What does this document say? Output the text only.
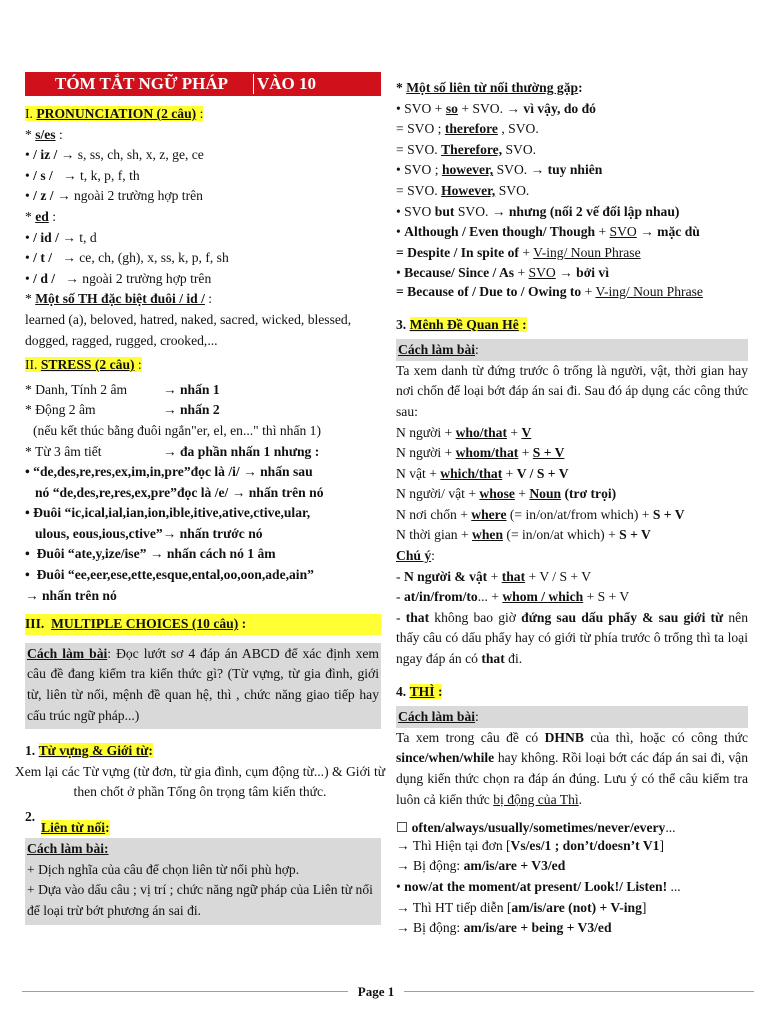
TÓM TẮT NGỮ PHÁP VÀO 10
I. PRONUNCIATION (2 câu) :
* s/es :
• / iz / → s, ss, ch, sh, x, z, ge, ce
• / s / → t, k, p, f, th
• / z / → ngoài 2 trường hợp trên
* ed :
• / id / → t, d
• / t / → ce, ch, (gh), x, ss, k, p, f, sh
• / d / → ngoài 2 trường hợp trên
* Một số TH đặc biệt đuôi / id / :
learned (a), beloved, hatred, naked, sacred, wicked, blessed, dogged, ragged, rugged, crooked,...
II. STRESS (2 câu) :
* Danh, Tính 2 âm	→ nhấn 1
* Động 2 âm	→ nhấn 2
(nếu kết thúc bằng đuôi ngắn"er, el, en..." thì nhấn 1)
* Từ 3 âm tiết	→ đa phần nhấn 1 nhưng :
• “de,des,re,res,ex,im,in,pre”đọc là /i/ → nhấn sau
nó “de,des,re,res,ex,pre”đọc là /e/ → nhấn trên nó
• Đuôi “ic,ical,ial,ian,ion,ible,itive,ative,ctive,ular,
ulous, eous,ious,ctive”→ nhấn trước nó
•  Đuôi “ate,y,ize/ise” → nhấn cách nó 1 âm
•  Đuôi “ee,eer,ese,ette,esque,ental,oo,oon,ade,ain”
→ nhấn trên nó
III. MULTIPLE CHOICES (10 câu) :
Cách làm bài: Đọc lướt sơ 4 đáp án ABCD để xác định xem câu đề đang kiểm tra kiến thức gì? (Từ vựng, từ gia đình, giới từ, liên từ nối, mệnh đề quan hệ, thì , chức năng giao tiếp hay cấu trúc ngữ pháp...)
1. Từ vựng & Giới từ:
Xem lại các Từ vựng (từ đơn, từ gia đình, cụm động từ...) & Giới từ then chốt ở phần Tổng ôn trọng tâm kiến thức.
2.
Liên từ nối:
Cách làm bài:
+ Dịch nghĩa của câu để chọn liên từ nối phù hợp.
+ Dựa vào dấu câu ; vị trí ; chức năng ngữ pháp của Liên từ nối để loại trừ bớt phương án sai đi.
* Một số liên từ nối thường gặp:
• SVO + so + SVO. → vì vậy, do đó
= SVO ; therefore , SVO.
= SVO. Therefore, SVO.
• SVO ; however, SVO. → tuy nhiên
= SVO. However, SVO.
• SVO but SVO. → nhưng (nối 2 vế đối lập nhau)
• Although / Even though/ Though + SVO → mặc dù
= Despite / In spite of + V-ing/ Noun Phrase
• Because/ Since / As + SVO → bởi vì
= Because of / Due to / Owing to + V-ing/ Noun Phrase
3. Mênh Đề Quan Hê :
Cách làm bài:
Ta xem danh từ đứng trước ô trống là người, vật, thời gian hay nơi chốn để loại bớt đáp án sai đi. Sau đó áp dụng các công thức sau:
N người + who/that + V
N người + whom/that + S + V
N vật + which/that + V / S + V
N người/ vật + whose + Noun (trơ trọi)
N nơi chốn + where (= in/on/at/from which) + S + V
N thời gian + when (= in/on/at which) + S + V
Chú ý:
- N người & vật + that + V / S + V
- at/in/from/to... + whom / which + S + V
- that không bao giờ đứng sau dấu phẩy & sau giới từ nên thấy câu có dấu phẩy hay có giới từ phía trước ô trống thì ta loại ngay đáp án có that đi.
4. THÌ :
Cách làm bài:
Ta xem trong câu đề có DHNB của thì, hoặc có công thức since/when/while hay không. Rồi loại bớt các đáp án sai đi, vận dụng kiến thức chọn ra đáp án đúng. Lưu ý có thể câu kiểm tra luôn cả kiến thức bị động của Thì.
☐ often/always/usually/sometimes/never/every...
→ Thì Hiện tại đơn [Vs/es/1 ; don’t/doesn’t V1]
→ Bị động: am/is/are + V3/ed
• now/at the moment/at present/ Look!/ Listen! ...
→ Thì HT tiếp diễn [am/is/are (not) + V-ing]
→ Bị động: am/is/are + being + V3/ed
Page 1
